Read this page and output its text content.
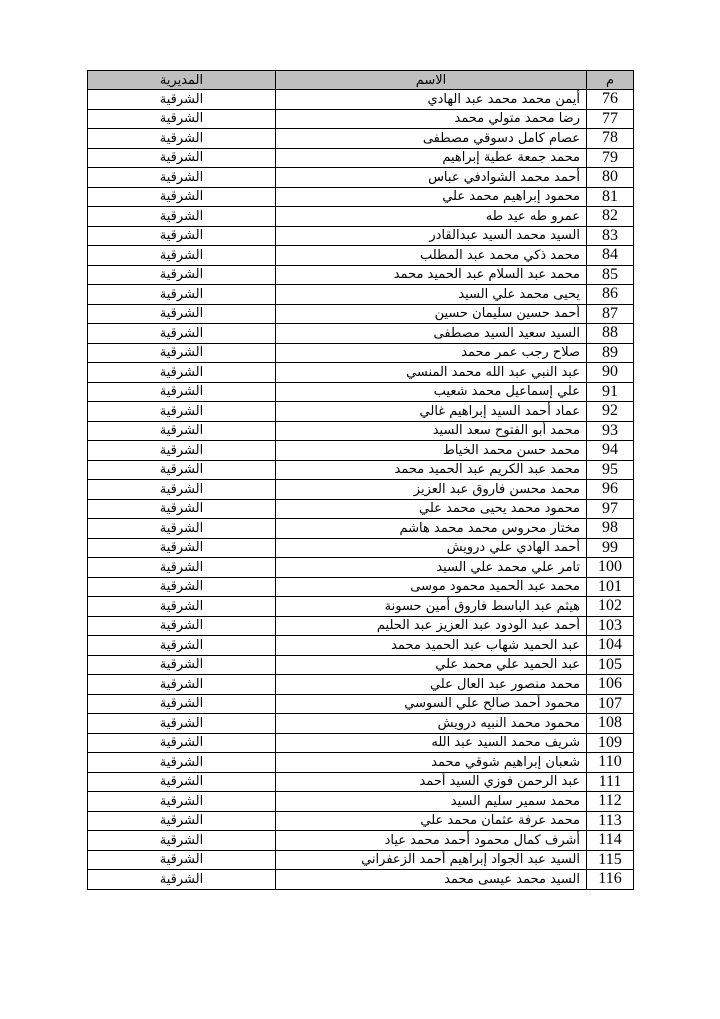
م	الاسم	المديرية
76	أيمن محمد محمد عبد الهادي	الشرقية
77	رضا محمد متولي محمد	الشرقية
78	عصام كامل دسوقي مصطفى	الشرقية
79	محمد جمعة عطية إبراهيم	الشرقية
80	أحمد محمد الشوادفي عباس	الشرقية
81	محمود إبراهيم محمد علي	الشرقية
82	عمرو طه عيد طه	الشرقية
83	السيد محمد السيد عبدالقادر	الشرقية
84	محمد ذكي محمد عبد المطلب	الشرقية
85	محمد عبد السلام عبد الحميد محمد	الشرقية
86	يحيى محمد علي السيد	الشرقية
87	أحمد حسين سليمان حسين	الشرقية
88	السيد سعيد السيد مصطفى	الشرقية
89	صلاح رجب عمر محمد	الشرقية
90	عبد النبي عبد الله محمد المنسي	الشرقية
91	علي إسماعيل محمد شعيب	الشرقية
92	عماد أحمد السيد إبراهيم غالي	الشرقية
93	محمد أبو الفتوح سعد السيد	الشرقية
94	محمد حسن محمد الخياط	الشرقية
95	محمد عبد الكريم عبد الحميد محمد	الشرقية
96	محمد محسن فاروق عبد العزيز	الشرقية
97	محمود محمد يحيى محمد علي	الشرقية
98	مختار محروس محمد محمد هاشم	الشرقية
99	أحمد الهادي علي درويش	الشرقية
100	تامر علي محمد علي السيد	الشرقية
101	محمد عبد الحميد محمود موسى	الشرقية
102	هيثم عبد الباسط فاروق أمين حسونة	الشرقية
103	أحمد عبد الودود عبد العزيز عبد الحليم	الشرقية
104	عبد الحميد شهاب عبد الحميد محمد	الشرقية
105	عبد الحميد علي محمد علي	الشرقية
106	محمد منصور عبد العال علي	الشرقية
107	محمود أحمد صالح علي السوسي	الشرقية
108	محمود محمد النبيه درويش	الشرقية
109	شريف محمد السيد عبد الله	الشرقية
110	شعبان إبراهيم شوقي محمد	الشرقية
111	عبد الرحمن فوزي السيد أحمد	الشرقية
112	محمد سمير سليم السيد	الشرقية
113	محمد عرفة عثمان محمد علي	الشرقية
114	أشرف كمال محمود أحمد محمد عياد	الشرقية
115	السيد عبد الجواد إبراهيم أحمد الزعفراني	الشرقية
116	السيد محمد عيسى محمد	الشرقية
